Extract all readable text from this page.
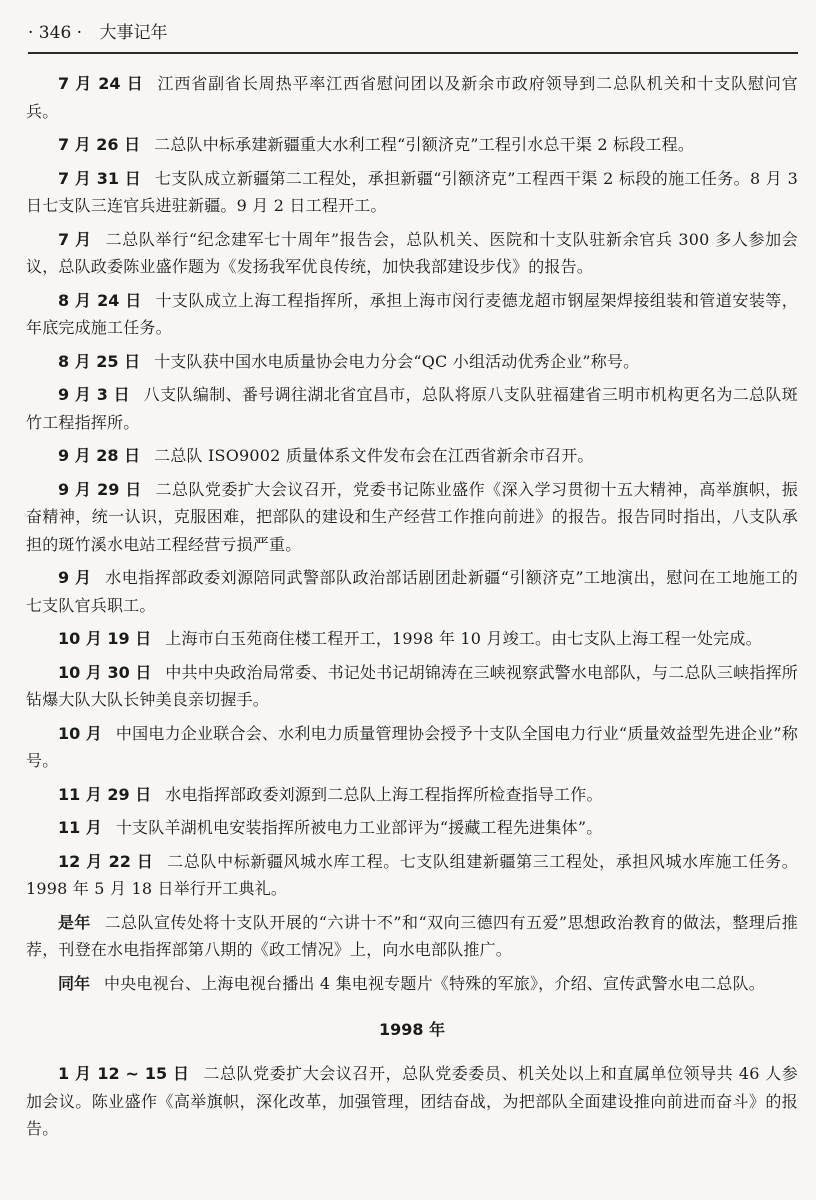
· 346 · 大事记年

7 月 24 日 江西省副省长周热平率江西省慰问团以及新余市政府领导到二总队机关和十支队慰问官兵。

7 月 26 日 二总队中标承建新疆重大水利工程“引额济克”工程引水总干渠 2 标段工程。

7 月 31 日 七支队成立新疆第二工程处，承担新疆“引额济克”工程西干渠 2 标段的施工任务。8 月 3 日七支队三连官兵进驻新疆。9 月 2 日工程开工。

7 月 二总队举行“纪念建军七十周年”报告会，总队机关、医院和十支队驻新余官兵 300 多人参加会议，总队政委陈业盛作题为《发扬我军优良传统，加快我部建设步伐》的报告。

8 月 24 日 十支队成立上海工程指挥所，承担上海市闵行麦德龙超市钢屋架焊接组装和管道安装等，年底完成施工任务。

8 月 25 日 十支队获中国水电质量协会电力分会“QC 小组活动优秀企业”称号。

9 月 3 日 八支队编制、番号调往湖北省宜昌市，总队将原八支队驻福建省三明市机构更名为二总队斑竹工程指挥所。

9 月 28 日 二总队 ISO9002 质量体系文件发布会在江西省新余市召开。

9 月 29 日 二总队党委扩大会议召开，党委书记陈业盛作《深入学习贯彻十五大精神，高举旗帜，振奋精神，统一认识，克服困难，把部队的建设和生产经营工作推向前进》的报告。报告同时指出，八支队承担的斑竹溪水电站工程经营亏损严重。

9 月 水电指挥部政委刘源陪同武警部队政治部话剧团赴新疆“引额济克”工地演出，慰问在工地施工的七支队官兵职工。

10 月 19 日 上海市白玉苑商住楼工程开工，1998 年 10 月竣工。由七支队上海工程一处完成。

10 月 30 日 中共中央政治局常委、书记处书记胡锦涛在三峡视察武警水电部队，与二总队三峡指挥所钻爆大队大队长钟美良亲切握手。

10 月 中国电力企业联合会、水利电力质量管理协会授予十支队全国电力行业“质量效益型先进企业”称号。

11 月 29 日 水电指挥部政委刘源到二总队上海工程指挥所检查指导工作。

11 月 十支队羊湖机电安装指挥所被电力工业部评为“援藏工程先进集体”。

12 月 22 日 二总队中标新疆风城水库工程。七支队组建新疆第三工程处，承担风城水库施工任务。1998 年 5 月 18 日举行开工典礼。

是年 二总队宣传处将十支队开展的“六讲十不”和“双向三德四有五爱”思想政治教育的做法，整理后推荐，刊登在水电指挥部第八期的《政工情况》上，向水电部队推广。

同年 中央电视台、上海电视台播出 4 集电视专题片《特殊的军旅》，介绍、宣传武警水电二总队。

1998 年

1 月 12 ~ 15 日 二总队党委扩大会议召开，总队党委委员、机关处以上和直属单位领导共 46 人参加会议。陈业盛作《高举旗帜，深化改革，加强管理，团结奋战，为把部队全面建设推向前进而奋斗》的报告。
